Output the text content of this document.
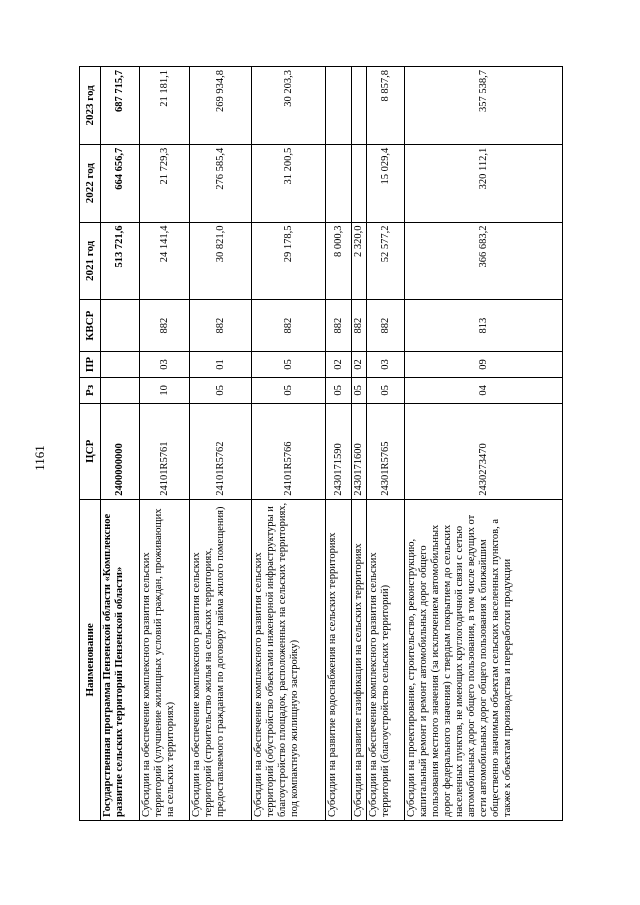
1161
Наименование	ЦСР	Рз	ПР	КВСР	2021 год	2022 год	2023 год
Государственная программа Пензенской области «Комплексное развитие сельских территорий Пензенской области»	2400000000				513 721,6	664 656,7	687 715,7
Субсидии на обеспечение комплексного развития сельских территорий (улучшение жилищных условий граждан, проживающих на сельских территориях)	24101R5761	10	03	882	24 141,4	21 729,3	21 181,1
Субсидии на обеспечение комплексного развития сельских территорий (строительство жилья на сельских территориях, предоставляемого гражданам по договору найма жилого помещения)	24101R5762	05	01	882	30 821,0	276 585,4	269 934,8
Субсидии на обеспечение комплексного развития сельских территорий (обустройство объектами инженерной инфраструктуры и благоустройство площадок, расположенных на сельских территориях, под компактную жилищную застройку)	24101R5766	05	05	882	29 178,5	31 200,5	30 203,3
Субсидии на развитие водоснабжения на сельских территориях	2430171590	05	02	882	8 000,3		
Субсидии на развитие газификации на сельских территориях	2430171600	05	02	882	2 320,0		
Субсидии на обеспечение комплексного развития сельских территорий (благоустройство сельских территорий)	24301R5765	05	03	882	52 577,2	15 029,4	8 857,8
Субсидии на проектирование, строительство, реконструкцию, капитальный ремонт и ремонт автомобильных дорог общего пользования местного значения (за исключением автомобильных дорог федерального значения) с твердым покрытием до сельских населенных пунктов, не имеющих круглогодичной связи с сетью автомобильных дорог общего пользования, в том числе ведущих от сети автомобильных дорог общего пользования к ближайшим общественно значимым объектам сельских населенных пунктов, а также к объектам производства и переработки продукции	2430273470	04	09	813	366 683,2	320 112,1	357 538,7
